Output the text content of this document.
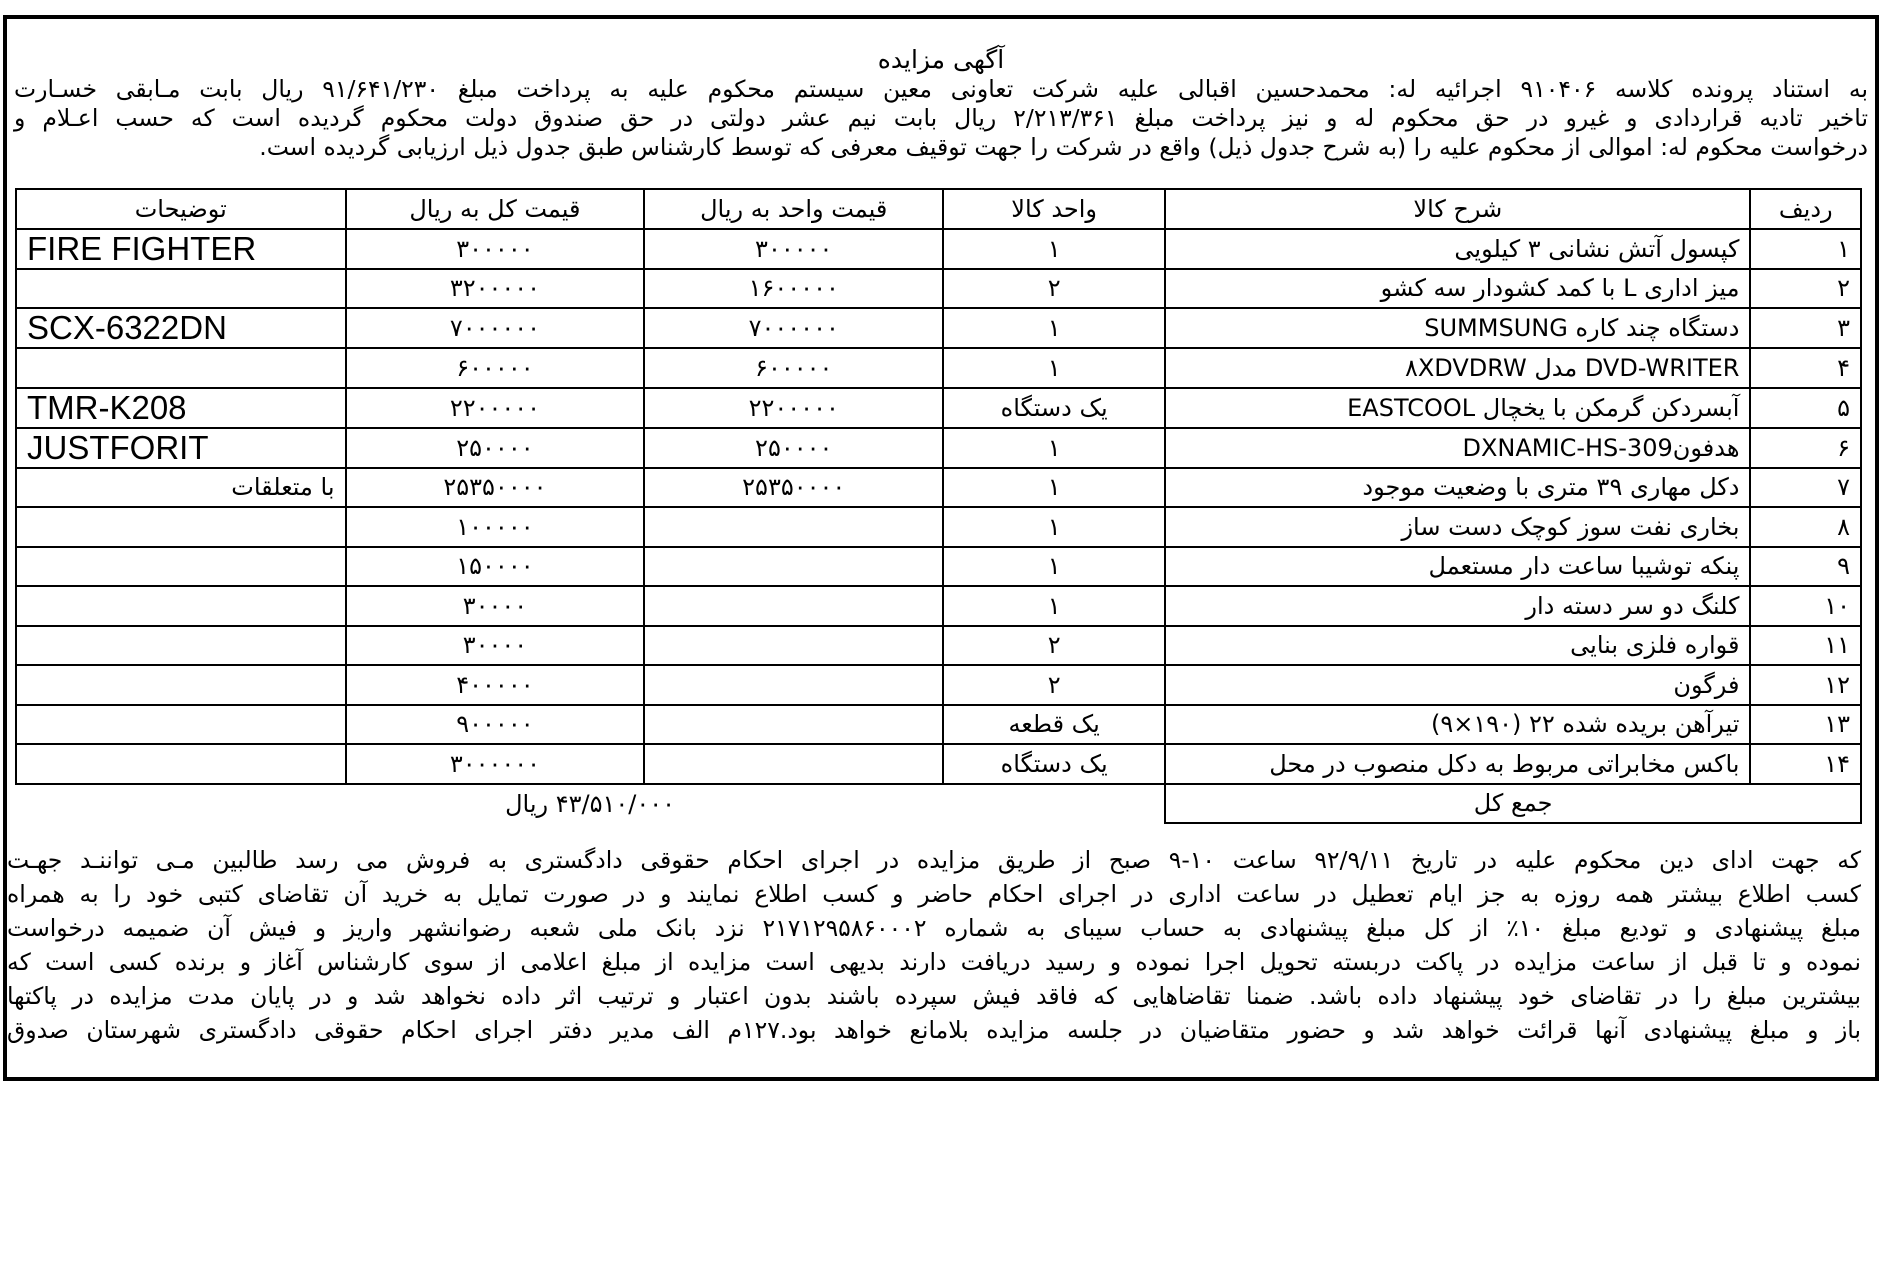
آگهی مزایده

به استناد پرونده کلاسه ۹۱۰۴۰۶ اجرائیه له: محمدحسین اقبالی علیه شرکت تعاونی معین سیستم محکوم علیه به پرداخت مبلغ ۹۱/۶۴۱/۲۳۰ ریال بابت مـابقی خسـارت
تاخیر تادیه قراردادی و غیرو در حق محکوم له و نیز پرداخت مبلغ ۲/۲۱۳/۳۶۱ ریال بابت نیم عشر دولتی در حق صندوق دولت محکوم گردیده است که حسب اعـلام و
درخواست محکوم له: اموالی از محکوم علیه را (به شرح جدول ذیل) واقع در شرکت را جهت توقیف معرفی که توسط کارشناس طبق جدول ذیل ارزیابی گردیده است.

ردیف	شرح کالا	واحد کالا	قیمت واحد به ریال	قیمت کل به ریال	توضیحات
۱	کپسول آتش نشانی ۳ کیلویی	۱	۳۰۰۰۰۰	۳۰۰۰۰۰	FIRE FIGHTER
۲	میز اداری L با کمد کشودار سه کشو	۲	۱۶۰۰۰۰۰	۳۲۰۰۰۰۰	
۳	دستگاه چند کاره SUMMSUNG	۱	۷۰۰۰۰۰۰	۷۰۰۰۰۰۰	SCX-6322DN
۴	DVD-WRITER مدل ۸XDVDRW	۱	۶۰۰۰۰۰	۶۰۰۰۰۰	
۵	آبسردکن گرمکن با یخچال EASTCOOL	یک دستگاه	۲۲۰۰۰۰۰	۲۲۰۰۰۰۰	TMR-K208
۶	هدفونDXNAMIC-HS-309	۱	۲۵۰۰۰۰	۲۵۰۰۰۰	JUSTFORIT
۷	دکل مهاری ۳۹ متری با وضعیت موجود	۱	۲۵۳۵۰۰۰۰	۲۵۳۵۰۰۰۰	با متعلقات
۸	بخاری نفت سوز کوچک دست ساز	۱		۱۰۰۰۰۰	
۹	پنکه توشیبا ساعت دار مستعمل	۱		۱۵۰۰۰۰	
۱۰	کلنگ دو سر دسته دار	۱		۳۰۰۰۰	
۱۱	قواره فلزی بنایی	۲		۳۰۰۰۰	
۱۲	فرگون	۲		۴۰۰۰۰۰	
۱۳	تیرآهن بریده شده ۲۲ (۱۹۰×۹)	یک قطعه		۹۰۰۰۰۰	
۱۴	باکس مخابراتی مربوط به دکل منصوب در محل	یک دستگاه		۳۰۰۰۰۰۰	
جمع کل		۴۳/۵۱۰/۰۰۰ ریال			
که جهت ادای دین محکوم علیه در تاریخ ۹۲/۹/۱۱ ساعت ۱۰-۹ صبح از طریق مزایده در اجرای احکام حقوقی دادگستری به فروش می رسد طالبین مـی تواننـد جهـت
کسب اطلاع بیشتر همه روزه به جز ایام تعطیل در ساعت اداری در اجرای احکام حاضر و کسب اطلاع نمایند و در صورت تمایل به خرید آن تقاضای کتبی خود را به همراه
مبلغ پیشنهادی و تودیع مبلغ ۱۰٪ از کل مبلغ پیشنهادی به حساب سیبای به شماره ۲۱۷۱۲۹۵۸۶۰۰۰۲ نزد بانک ملی شعبه رضوانشهر واریز و فیش آن ضمیمه درخواست
نموده و تا قبل از ساعت مزایده در پاکت دربسته تحویل اجرا نموده و رسید دریافت دارند بدیهی است مزایده از مبلغ اعلامی از سوی کارشناس آغاز و برنده کسی است که
بیشترین مبلغ را در تقاضای خود پیشنهاد داده باشد. ضمنا تقاضاهایی که فاقد فیش سپرده باشند بدون اعتبار و ترتیب اثر داده نخواهد شد و در پایان مدت مزایده در پاکتها
باز و مبلغ پیشنهادی آنها قرائت خواهد شد و حضور متقاضیان در جلسه مزایده بلامانع خواهد بود.۱۲۷م الف مدیر دفتر اجرای احکام حقوقی دادگستری شهرستان صدوق
